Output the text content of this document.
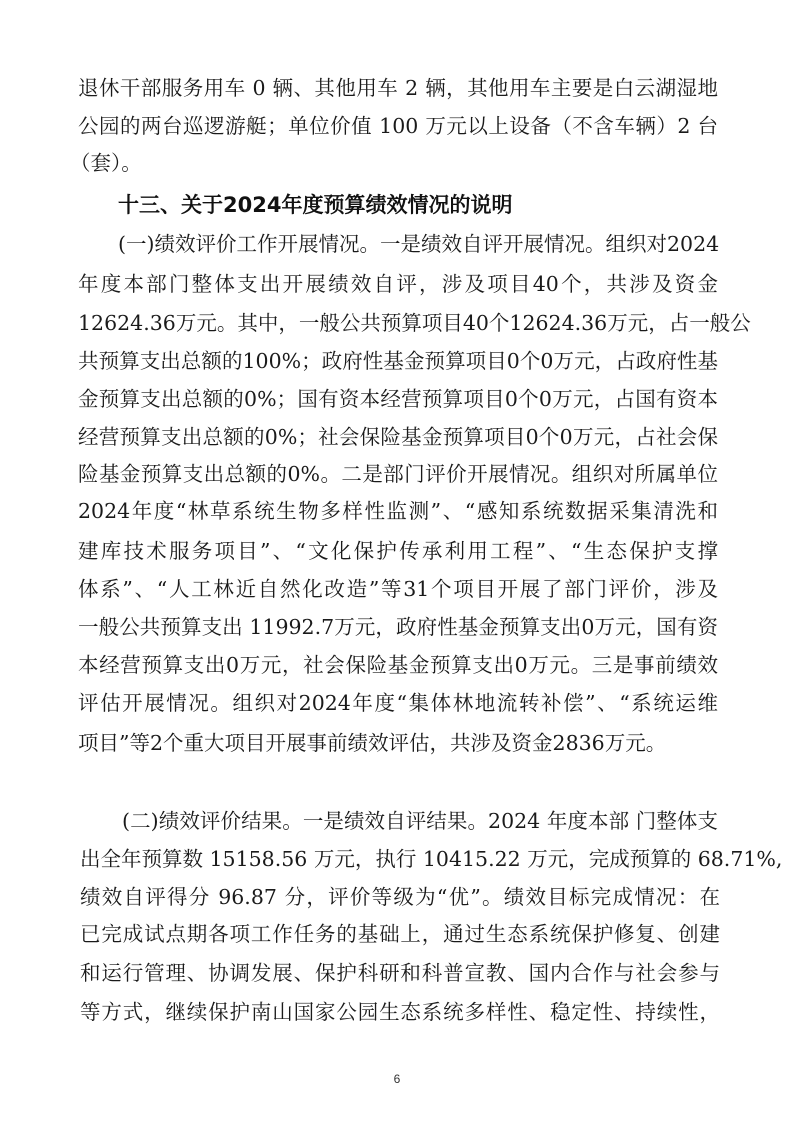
退休干部服务用车 0 辆、其他用车 2 辆，其他用车主要是白云湖湿地
公园的两台巡逻游艇；单位价值 100 万元以上设备（不含车辆）2 台
（套）。
十三、关于2024年度预算绩效情况的说明
(一)绩效评价工作开展情况。一是绩效自评开展情况。组织对2024
年度本部门整体支出开展绩效自评，涉及项目40个，共涉及资金
12624.36万元。其中，一般公共预算项目40个12624.36万元，占一般公
共预算支出总额的100%；政府性基金预算项目0个0万元，占政府性基
金预算支出总额的0%；国有资本经营预算项目0个0万元，占国有资本
经营预算支出总额的0%；社会保险基金预算项目0个0万元，占社会保
险基金预算支出总额的0%。二是部门评价开展情况。组织对所属单位
2024年度“林草系统生物多样性监测”、“感知系统数据采集清洗和
建库技术服务项目”、“文化保护传承利用工程”、“生态保护支撑
体系”、“人工林近自然化改造”等31个项目开展了部门评价，涉及
一般公共预算支出 11992.7万元，政府性基金预算支出0万元，国有资
本经营预算支出0万元，社会保险基金预算支出0万元。三是事前绩效
评估开展情况。组织对2024年度“集体林地流转补偿”、“系统运维
项目”等2个重大项目开展事前绩效评估，共涉及资金2836万元。
(二)绩效评价结果。一是绩效自评结果。2024 年度本部 门整体支
出全年预算数 15158.56 万元，执行 10415.22 万元，完成预算的 68.71%,
绩效自评得分 96.87 分，评价等级为“优”。绩效目标完成情况：在
已完成试点期各项工作任务的基础上，通过生态系统保护修复、创建
和运行管理、协调发展、保护科研和科普宣教、国内合作与社会参与
等方式，继续保护南山国家公园生态系统多样性、稳定性、持续性，
6
